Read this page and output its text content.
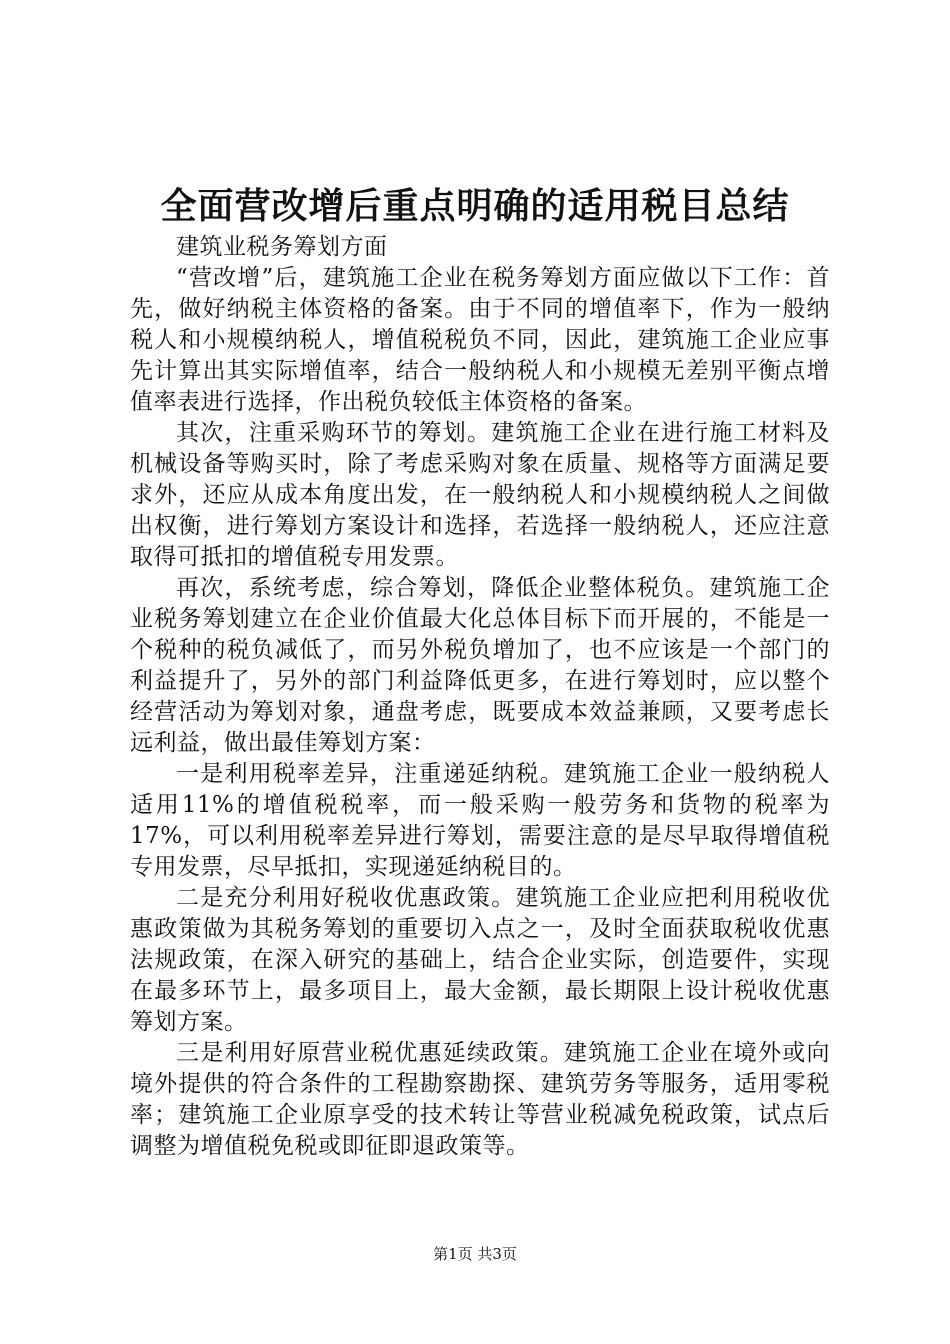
全面营改增后重点明确的适用税目总结

建筑业税务筹划方面

“营改增”后，建筑施工企业在税务筹划方面应做以下工作：首先，做好纳税主体资格的备案。由于不同的增值率下，作为一般纳税人和小规模纳税人，增值税税负不同，因此，建筑施工企业应事先计算出其实际增值率，结合一般纳税人和小规模无差别平衡点增值率表进行选择，作出税负较低主体资格的备案。

其次，注重采购环节的筹划。建筑施工企业在进行施工材料及机械设备等购买时，除了考虑采购对象在质量、规格等方面满足要求外，还应从成本角度出发，在一般纳税人和小规模纳税人之间做出权衡，进行筹划方案设计和选择，若选择一般纳税人，还应注意取得可抵扣的增值税专用发票。

再次，系统考虑，综合筹划，降低企业整体税负。建筑施工企业税务筹划建立在企业价值最大化总体目标下而开展的，不能是一个税种的税负减低了，而另外税负增加了，也不应该是一个部门的利益提升了，另外的部门利益降低更多，在进行筹划时，应以整个经营活动为筹划对象，通盘考虑，既要成本效益兼顾，又要考虑长远利益，做出最佳筹划方案：

一是利用税率差异，注重递延纳税。建筑施工企业一般纳税人适用11%的增值税税率，而一般采购一般劳务和货物的税率为17%，可以利用税率差异进行筹划，需要注意的是尽早取得增值税专用发票，尽早抵扣，实现递延纳税目的。

二是充分利用好税收优惠政策。建筑施工企业应把利用税收优惠政策做为其税务筹划的重要切入点之一，及时全面获取税收优惠法规政策，在深入研究的基础上，结合企业实际，创造要件，实现在最多环节上，最多项目上，最大金额，最长期限上设计税收优惠筹划方案。

三是利用好原营业税优惠延续政策。建筑施工企业在境外或向境外提供的符合条件的工程勘察勘探、建筑劳务等服务，适用零税率；建筑施工企业原享受的技术转让等营业税减免税政策，试点后调整为增值税免税或即征即退政策等。

第1页 共3页
